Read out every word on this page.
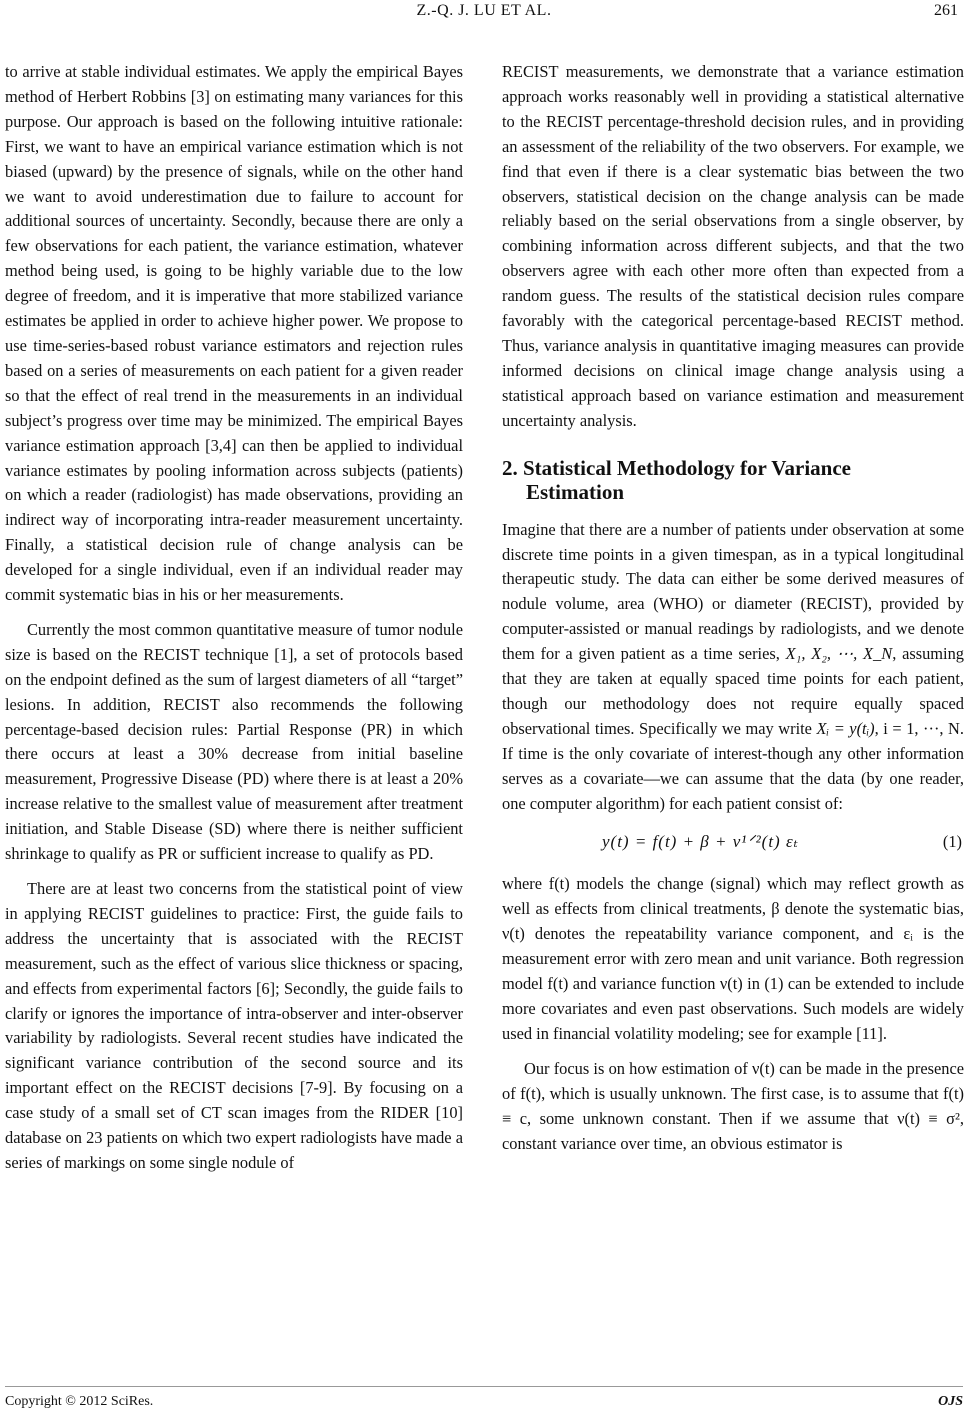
Z.-Q. J. LU ET AL.	261

to arrive at stable individual estimates. We apply the empirical Bayes method of Herbert Robbins [3] on estimating many variances for this purpose. Our approach is based on the following intuitive rationale: First, we want to have an empirical variance estimation which is not biased (upward) by the presence of signals, while on the other hand we want to avoid underestimation due to failure to account for additional sources of uncertainty. Secondly, because there are only a few observations for each patient, the variance estimation, whatever method being used, is going to be highly variable due to the low degree of freedom, and it is imperative that more stabilized variance estimates be applied in order to achieve higher power. We propose to use time-series-based robust variance estimators and rejection rules based on a series of measurements on each patient for a given reader so that the effect of real trend in the measurements in an individual subject’s progress over time may be minimized. The empirical Bayes variance estimation approach [3,4] can then be applied to individual variance estimates by pooling information across subjects (patients) on which a reader (radiologist) has made observations, providing an indirect way of incorporating intra-reader measurement uncertainty. Finally, a statistical decision rule of change analysis can be developed for a single individual, even if an individual reader may commit systematic bias in his or her measurements.

Currently the most common quantitative measure of tumor nodule size is based on the RECIST technique [1], a set of protocols based on the endpoint defined as the sum of largest diameters of all “target” lesions. In addition, RECIST also recommends the following percentage-based decision rules: Partial Response (PR) in which there occurs at least a 30% decrease from initial baseline measurement, Progressive Disease (PD) where there is at least a 20% increase relative to the smallest value of measurement after treatment initiation, and Stable Disease (SD) where there is neither sufficient shrinkage to qualify as PR or sufficient increase to qualify as PD.

There are at least two concerns from the statistical point of view in applying RECIST guidelines to practice: First, the guide fails to address the uncertainty that is associated with the RECIST measurement, such as the effect of various slice thickness or spacing, and effects from experimental factors [6]; Secondly, the guide fails to clarify or ignores the importance of intra-observer and inter-observer variability by radiologists. Several recent studies have indicated the significant variance contribution of the second source and its important effect on the RECIST decisions [7-9]. By focusing on a case study of a small set of CT scan images from the RIDER [10] database on 23 patients on which two expert radiologists have made a series of markings on some single nodule of

RECIST measurements, we demonstrate that a variance estimation approach works reasonably well in providing a statistical alternative to the RECIST percentage-threshold decision rules, and in providing an assessment of the reliability of the two observers. For example, we find that even if there is a clear systematic bias between the two observers, statistical decision on the change analysis can be made reliably based on the serial observations from a single observer, by combining information across different subjects, and that the two observers agree with each other more often than expected from a random guess. The results of the statistical decision rules compare favorably with the categorical percentage-based RECIST method. Thus, variance analysis in quantitative imaging measures can provide informed decisions on clinical image change analysis using a statistical approach based on variance estimation and measurement uncertainty analysis.

2. Statistical Methodology for Variance
Estimation

Imagine that there are a number of patients under observation at some discrete time points in a given timespan, as in a typical longitudinal therapeutic study. The data can either be some derived measures of nodule volume, area (WHO) or diameter (RECIST), provided by computer-assisted or manual readings by radiologists, and we denote them for a given patient as a time series, X₁, X₂, ⋯, X_N, assuming that they are taken at equally spaced time points for each patient, though our methodology does not require equally spaced observational times. Specifically we may write Xᵢ = y(tᵢ), i = 1, ···, N. If time is the only covariate of interest-though any other information serves as a covariate—we can assume that the data (by one reader, one computer algorithm) for each patient consist of:

y(t) = f(t) + β + ν¹ᐟ²(t) εₜ	(1)

where f(t) models the change (signal) which may reflect growth as well as effects from clinical treatments, β denote the systematic bias, ν(t) denotes the repeatability variance component, and εᵢ is the measurement error with zero mean and unit variance. Both regression model f(t) and variance function ν(t) in (1) can be extended to include more covariates and even past observations. Such models are widely used in financial volatility modeling; see for example [11].

Our focus is on how estimation of ν(t) can be made in the presence of f(t), which is usually unknown. The first case, is to assume that f(t) ≡ c, some unknown constant. Then if we assume that ν(t) ≡ σ², constant variance over time, an obvious estimator is

Copyright © 2012 SciRes.	OJS
